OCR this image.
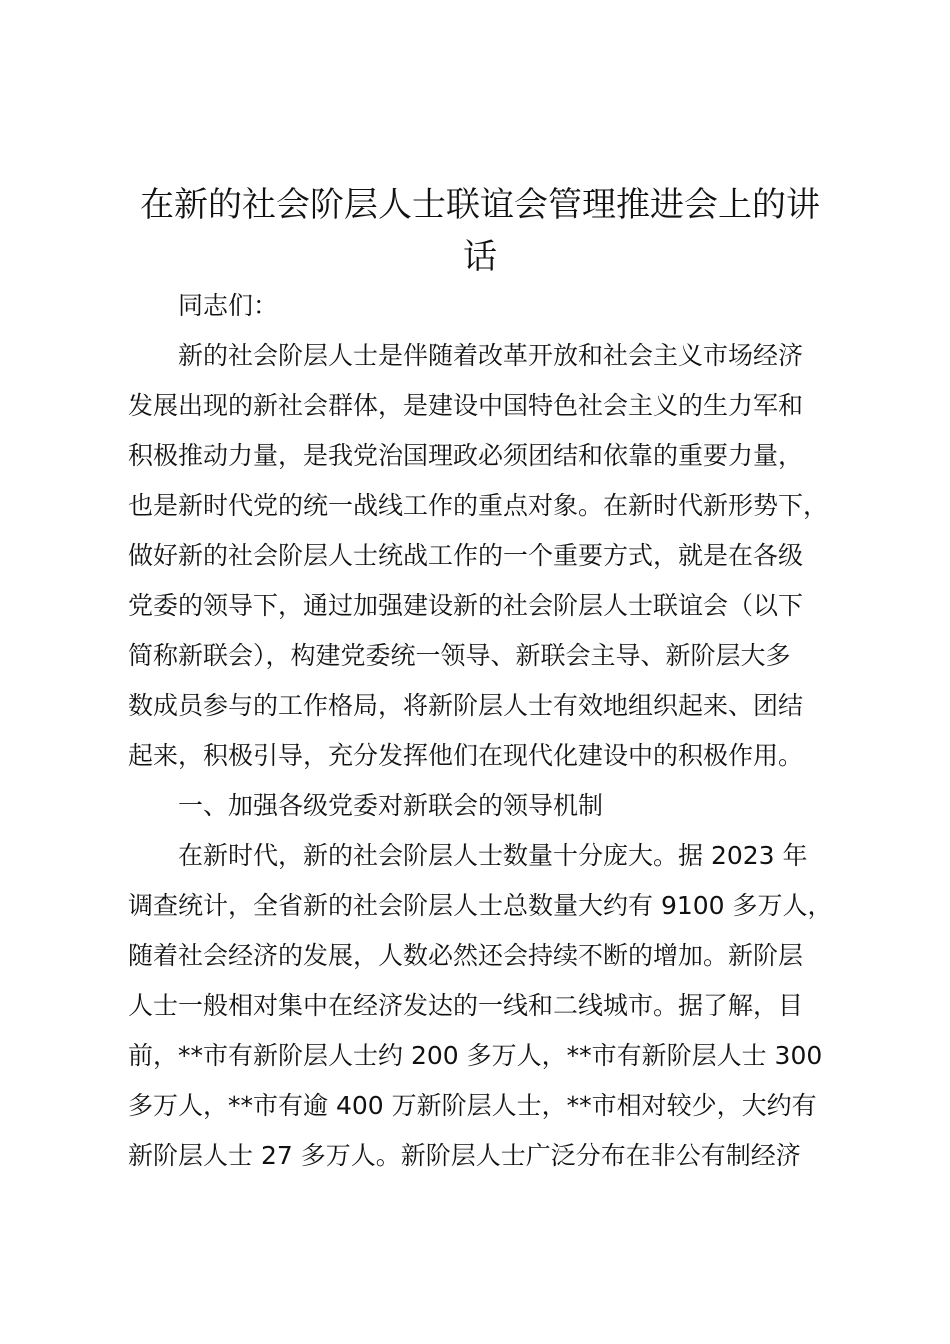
在新的社会阶层人士联谊会管理推进会上的讲
话

同志们：

新的社会阶层人士是伴随着改革开放和社会主义市场经济

发展出现的新社会群体，是建设中国特色社会主义的生力军和

积极推动力量，是我党治国理政必须团结和依靠的重要力量，

也是新时代党的统一战线工作的重点对象。在新时代新形势下，

做好新的社会阶层人士统战工作的一个重要方式，就是在各级

党委的领导下，通过加强建设新的社会阶层人士联谊会（以下

简称新联会），构建党委统一领导、新联会主导、新阶层大多

数成员参与的工作格局，将新阶层人士有效地组织起来、团结

起来，积极引导，充分发挥他们在现代化建设中的积极作用。

一、加强各级党委对新联会的领导机制

在新时代，新的社会阶层人士数量十分庞大。据 2023 年

调查统计，全省新的社会阶层人士总数量大约有 9100 多万人，

随着社会经济的发展，人数必然还会持续不断的增加。新阶层

人士一般相对集中在经济发达的一线和二线城市。据了解，目

前，**市有新阶层人士约 200 多万人，**市有新阶层人士 300

多万人，**市有逾 400 万新阶层人士，**市相对较少，大约有

新阶层人士 27 多万人。新阶层人士广泛分布在非公有制经济
